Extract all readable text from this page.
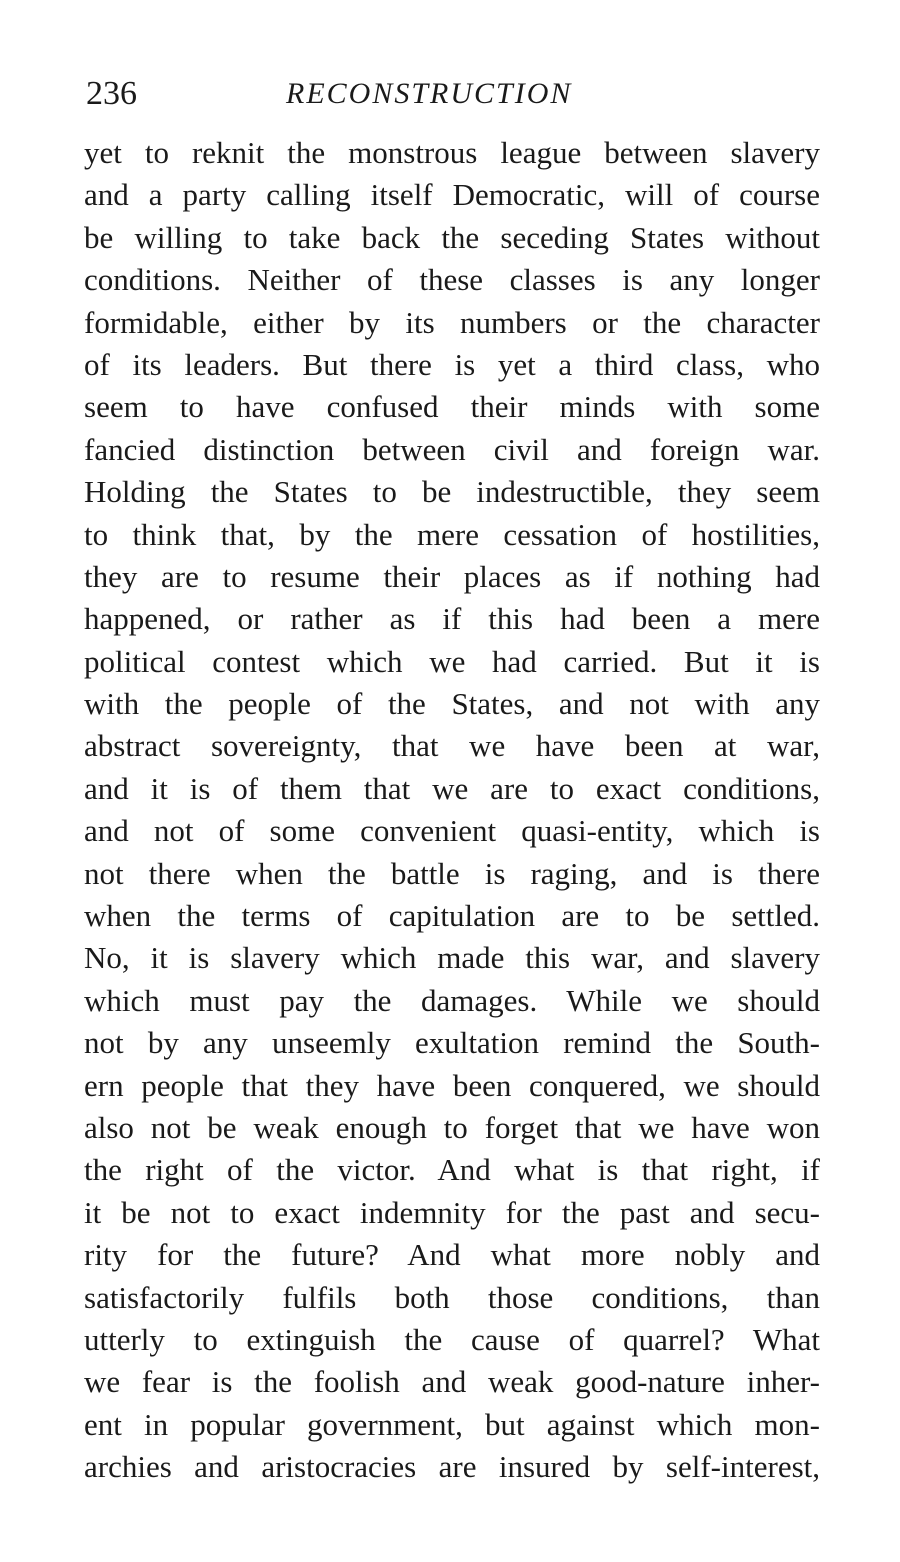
236	RECONSTRUCTION
yet to reknit the monstrous league between slavery
and a party calling itself Democratic, will of course
be willing to take back the seceding States without
conditions. Neither of these classes is any longer
formidable, either by its numbers or the character
of its leaders. But there is yet a third class, who
seem to have confused their minds with some
fancied distinction between civil and foreign war.
Holding the States to be indestructible, they seem
to think that, by the mere cessation of hostilities,
they are to resume their places as if nothing had
happened, or rather as if this had been a mere
political contest which we had carried. But it is
with the people of the States, and not with any
abstract sovereignty, that we have been at war,
and it is of them that we are to exact conditions,
and not of some convenient quasi-entity, which is
not there when the battle is raging, and is there
when the terms of capitulation are to be settled.
No, it is slavery which made this war, and slavery
which must pay the damages. While we should
not by any unseemly exultation remind the South-
ern people that they have been conquered, we should
also not be weak enough to forget that we have won
the right of the victor. And what is that right, if
it be not to exact indemnity for the past and secu-
rity for the future? And what more nobly and
satisfactorily fulfils both those conditions, than
utterly to extinguish the cause of quarrel? What
we fear is the foolish and weak good-nature inher-
ent in popular government, but against which mon-
archies and aristocracies are insured by self-interest,
